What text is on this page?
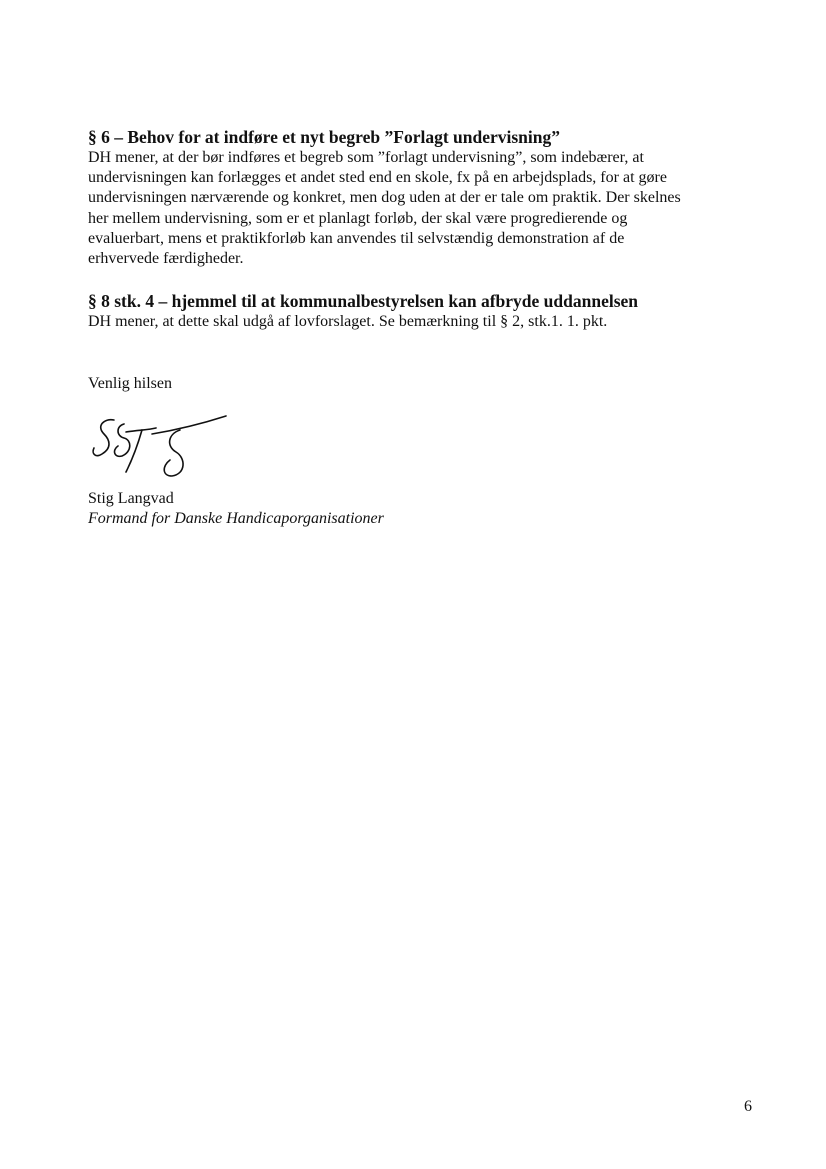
§ 6 – Behov for at indføre et nyt begreb ”Forlagt undervisning”

DH mener, at der bør indføres et begreb som ”forlagt undervisning”, som indebærer, at
undervisningen kan forlægges et andet sted end en skole, fx på en arbejdsplads, for at gøre
undervisningen nærværende og konkret, men dog uden at der er tale om praktik. Der skelnes
her mellem undervisning, som er et planlagt forløb, der skal være progredierende og
evaluerbart, mens et praktikforløb kan anvendes til selvstændig demonstration af de
erhvervede færdigheder.

§ 8 stk. 4 – hjemmel til at kommunalbestyrelsen kan afbryde uddannelsen

DH mener, at dette skal udgå af lovforslaget. Se bemærkning til § 2, stk.1. 1. pkt.

Venlig hilsen
Stig Langvad
Formand for Danske Handicaporganisationer
6
